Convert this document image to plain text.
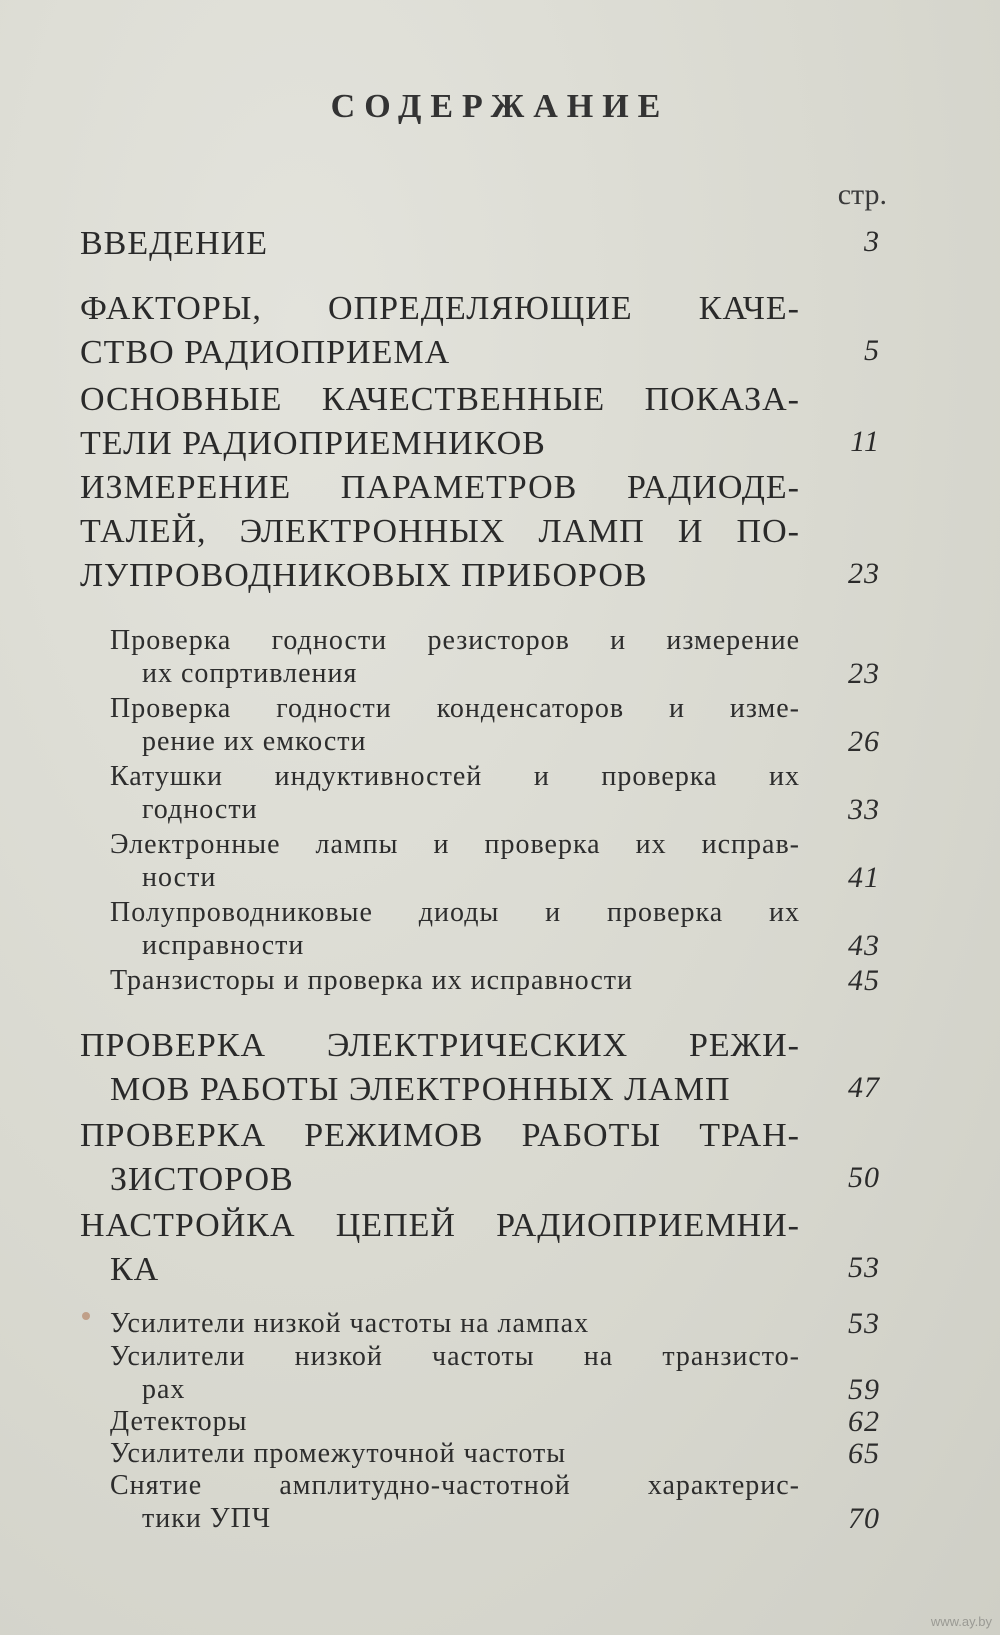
СОДЕРЖАНИЕ
стр.
ВВЕДЕНИЕ	3
ФАКТОРЫ, ОПРЕДЕЛЯЮЩИЕ КАЧЕ-
СТВО РАДИОПРИЕМА	5
ОСНОВНЫЕ КАЧЕСТВЕННЫЕ ПОКАЗА-
ТЕЛИ РАДИОПРИЕМНИКОВ	11
ИЗМЕРЕНИЕ ПАРАМЕТРОВ РАДИОДЕ-
ТАЛЕЙ, ЭЛЕКТРОННЫХ ЛАМП И ПО-
ЛУПРОВОДНИКОВЫХ ПРИБОРОВ	23
Проверка годности резисторов и измерение
их сопртивления	23
Проверка годности конденсаторов и изме-
рение их емкости	26
Катушки индуктивностей и проверка их
годности	33
Электронные лампы и проверка их исправ-
ности	41
Полупроводниковые диоды и проверка их
исправности	43
Транзисторы и проверка их исправности	45
ПРОВЕРКА ЭЛЕКТРИЧЕСКИХ РЕЖИ-
МОВ РАБОТЫ ЭЛЕКТРОННЫХ ЛАМП	47
ПРОВЕРКА РЕЖИМОВ РАБОТЫ ТРАН-
ЗИСТОРОВ	50
НАСТРОЙКА ЦЕПЕЙ РАДИОПРИЕМНИ-
КА	53
Усилители низкой частоты на лампах	53
Усилители низкой частоты на транзисто-
рах	59
Детекторы	62
Усилители промежуточной частоты	65
Снятие амплитудно-частотной характерис-
тики УПЧ	70
www.ay.by
